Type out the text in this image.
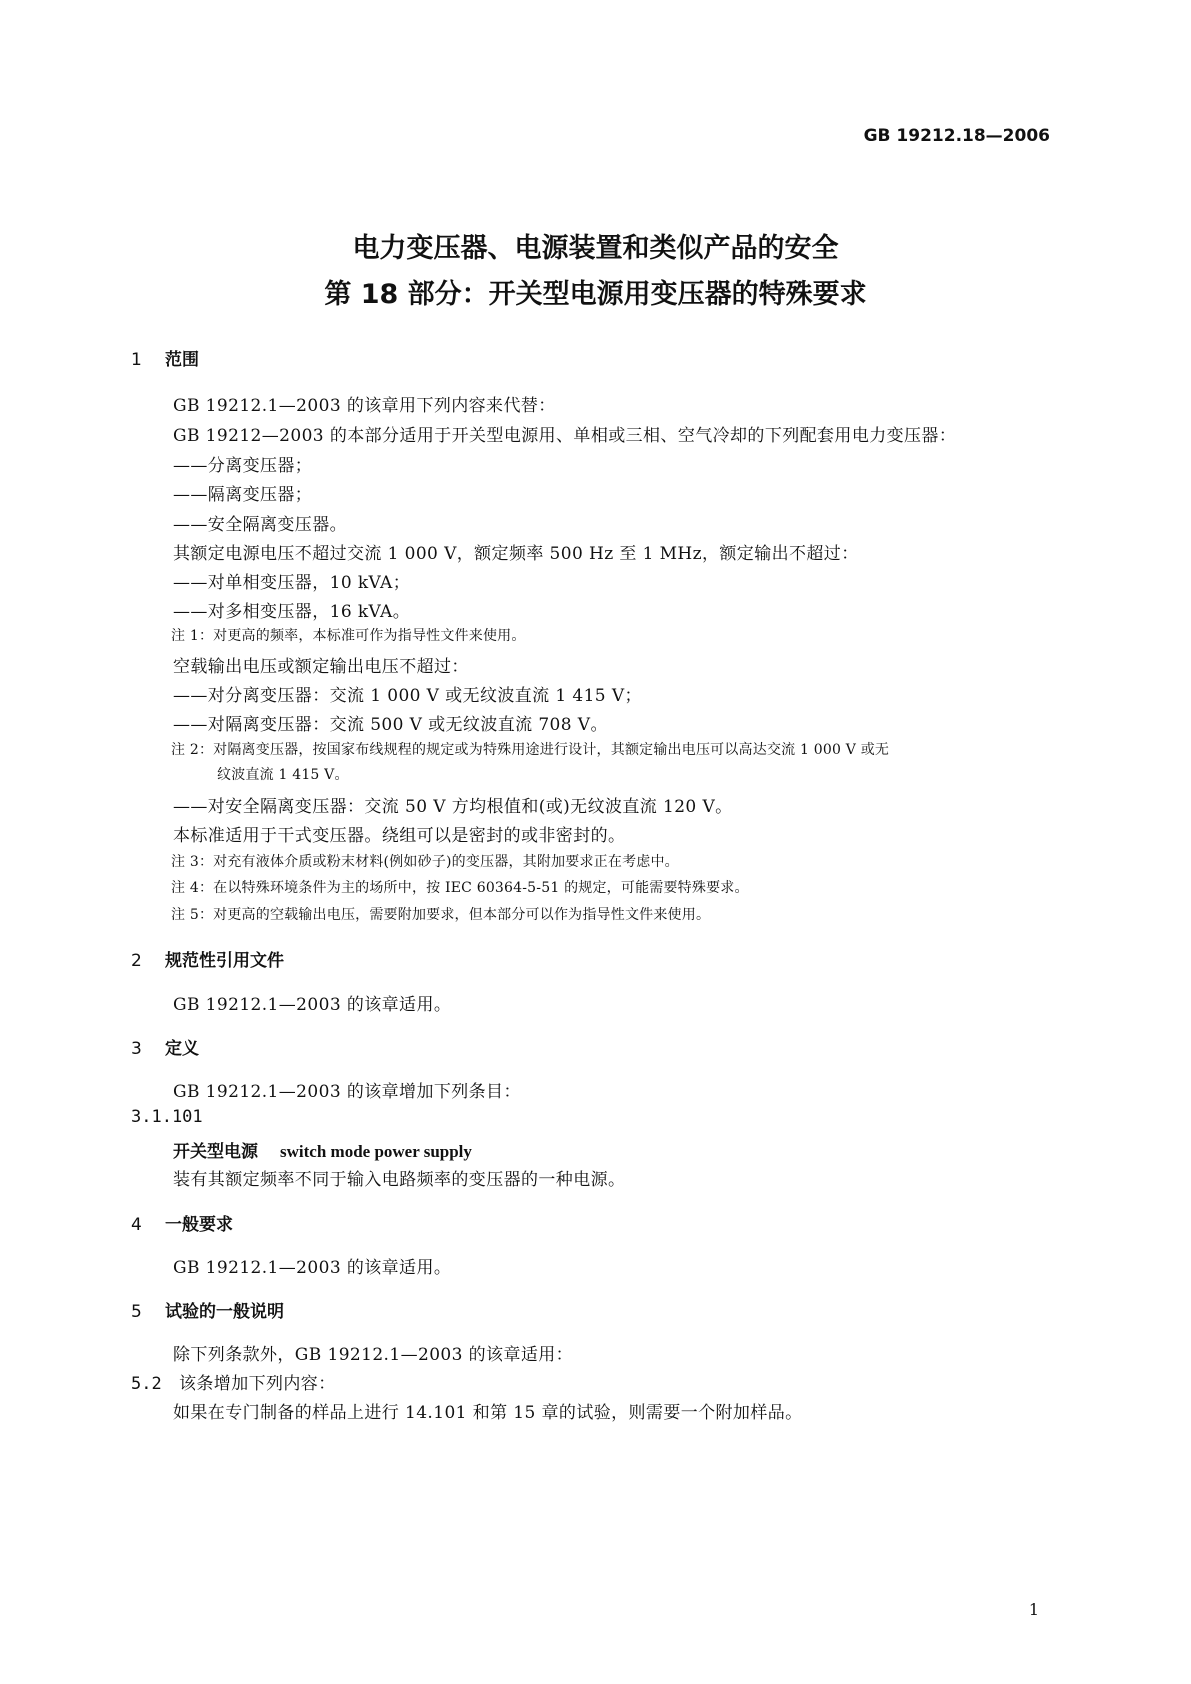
GB 19212.18—2006
电力变压器、电源装置和类似产品的安全
第 18 部分：开关型电源用变压器的特殊要求
1 范围
GB 19212.1—2003 的该章用下列内容来代替：
GB 19212—2003 的本部分适用于开关型电源用、单相或三相、空气冷却的下列配套用电力变压器：
——分离变压器；
——隔离变压器；
——安全隔离变压器。
其额定电源电压不超过交流 1 000 V，额定频率 500 Hz 至 1 MHz，额定输出不超过：
——对单相变压器，10 kVA；
——对多相变压器，16 kVA。
注 1：对更高的频率，本标准可作为指导性文件来使用。
空载输出电压或额定输出电压不超过：
——对分离变压器：交流 1 000 V 或无纹波直流 1 415 V；
——对隔离变压器：交流 500 V 或无纹波直流 708 V。
注 2：对隔离变压器，按国家布线规程的规定或为特殊用途进行设计，其额定输出电压可以高达交流 1 000 V 或无
纹波直流 1 415 V。
——对安全隔离变压器：交流 50 V 方均根值和(或)无纹波直流 120 V。
本标准适用于干式变压器。绕组可以是密封的或非密封的。
注 3：对充有液体介质或粉末材料(例如砂子)的变压器，其附加要求正在考虑中。
注 4：在以特殊环境条件为主的场所中，按 IEC 60364-5-51 的规定，可能需要特殊要求。
注 5：对更高的空载输出电压，需要附加要求，但本部分可以作为指导性文件来使用。
2 规范性引用文件
GB 19212.1—2003 的该章适用。
3 定义
GB 19212.1—2003 的该章增加下列条目：
3.1.101
开关型电源 switch mode power supply
装有其额定频率不同于输入电路频率的变压器的一种电源。
4 一般要求
GB 19212.1—2003 的该章适用。
5 试验的一般说明
除下列条款外，GB 19212.1—2003 的该章适用：
5.2 该条增加下列内容：
如果在专门制备的样品上进行 14.101 和第 15 章的试验，则需要一个附加样品。
1
